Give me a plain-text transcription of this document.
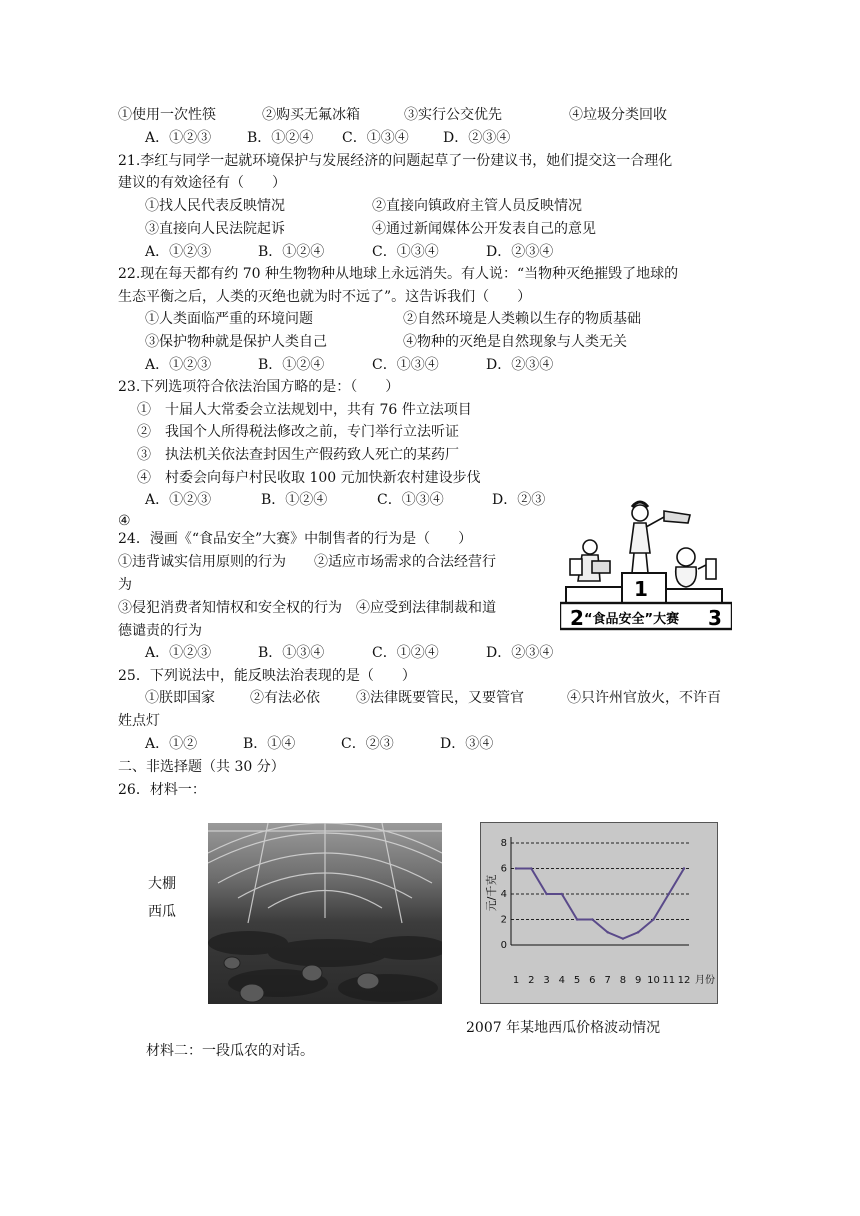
①使用一次性筷	②购买无氟冰箱	③实行公交优先	④垃圾分类回收
A．①②③	B．①②④ C．①③④ D．②③④
21.李红与同学一起就环境保护与发展经济的问题起草了一份建议书，她们提交这一合理化
建议的有效途径有（　　）
①找人民代表反映情况	②直接向镇政府主管人员反映情况
③直接向人民法院起诉	④通过新闻媒体公开发表自己的意见
A．①②③	B．①②④	C．①③④	D．②③④
22.现在每天都有约 70 种生物物种从地球上永远消失。有人说：“当物种灭绝摧毁了地球的
生态平衡之后，人类的灭绝也就为时不远了”。这告诉我们（　　）
①人类面临严重的环境问题	②自然环境是人类赖以生存的物质基础
③保护物种就是保护人类自己	④物种的灭绝是自然现象与人类无关
A．①②③	B．①②④	C．①③④	D．②③④
23.下列选项符合依法治国方略的是：（　　）
①　十届人大常委会立法规划中，共有 76 件立法项目
②　我国个人所得税法修改之前，专门举行立法听证
③　执法机关依法查封因生产假药致人死亡的某药厂
④　村委会向每户村民收取 100 元加快新农村建设步伐
A．①②③	B．①②④	C．①③④	D．②③
④
24．漫画《“食品安全”大赛》中制售者的行为是（　　）
①违背诚实信用原则的行为　　②适应市场需求的合法经营行
为
③侵犯消费者知情权和安全权的行为　④应受到法律制裁和道
德谴责的行为
A．①②③	B．①③④	C．①②④	D．②③④
1
2 “食品安全”大赛 3
25．下列说法中，能反映法治表现的是（　　）
①朕即国家	②有法必依	③法律既要管民，又要管官	④只许州官放火，不许百
姓点灯
A．①②	B．①④	C．②③	D．③④
二、非选择题（共 30 分）
26．材料一：
大棚
西瓜
0
2
4
6
8
元/千克
1 2 3 4 5 6 7 8 9 10 11 12 月份
2007 年某地西瓜价格波动情况
材料二：一段瓜农的对话。
